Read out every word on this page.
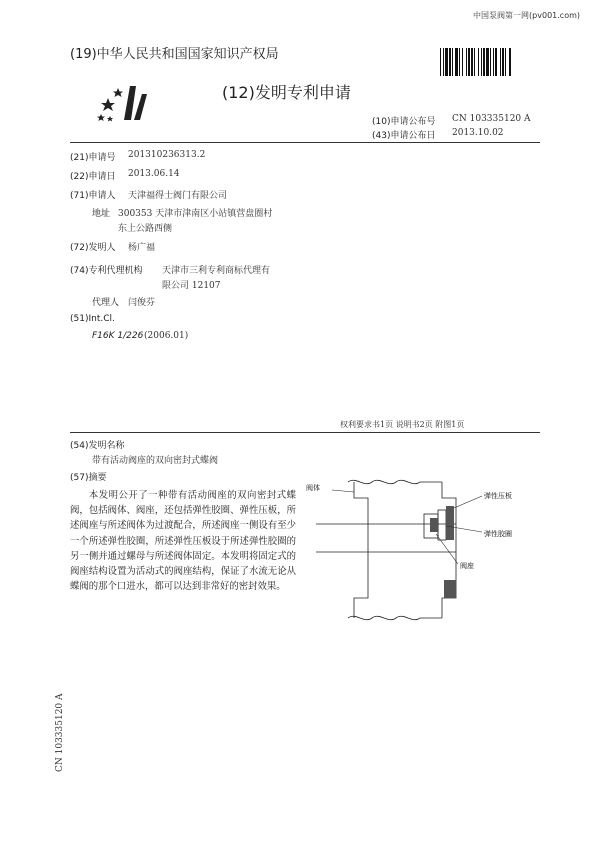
中国泵阀第一网(pv001.com)
(19)中华人民共和国国家知识产权局
(12)发明专利申请
(10)申请公布号 CN 103335120 A
(43)申请公布日 2013.10.02
(21)申请号 201310236313.2
(22)申请日 2013.06.14
(71)申请人 天津福得士阀门有限公司
地址 300353 天津市津南区小站镇营盘圈村
东上公路西侧
(72)发明人 杨广福
(74)专利代理机构 天津市三利专利商标代理有
限公司 12107
代理人 闫俊芬
(51)Int.Cl.
F16K 1/226 (2006.01)
权利要求书1页 说明书2页 附图1页
(54)发明名称
带有活动阀座的双向密封式蝶阀
(57)摘要
本发明公开了一种带有活动阀座的双向密封式蝶阀，包括阀体、阀座，还包括弹性胶圈、弹性压板，所述阀座与所述阀体为过渡配合，所述阀座一侧设有至少一个所述弹性胶圈，所述弹性压板设于所述弹性胶圈的另一侧并通过螺母与所述阀体固定。本发明将固定式的阀座结构设置为活动式的阀座结构，保证了水流无论从蝶阀的那个口进水，都可以达到非常好的密封效果。
阀体
弹性压板
弹性胶圈
阀座
CN 103335120 A
